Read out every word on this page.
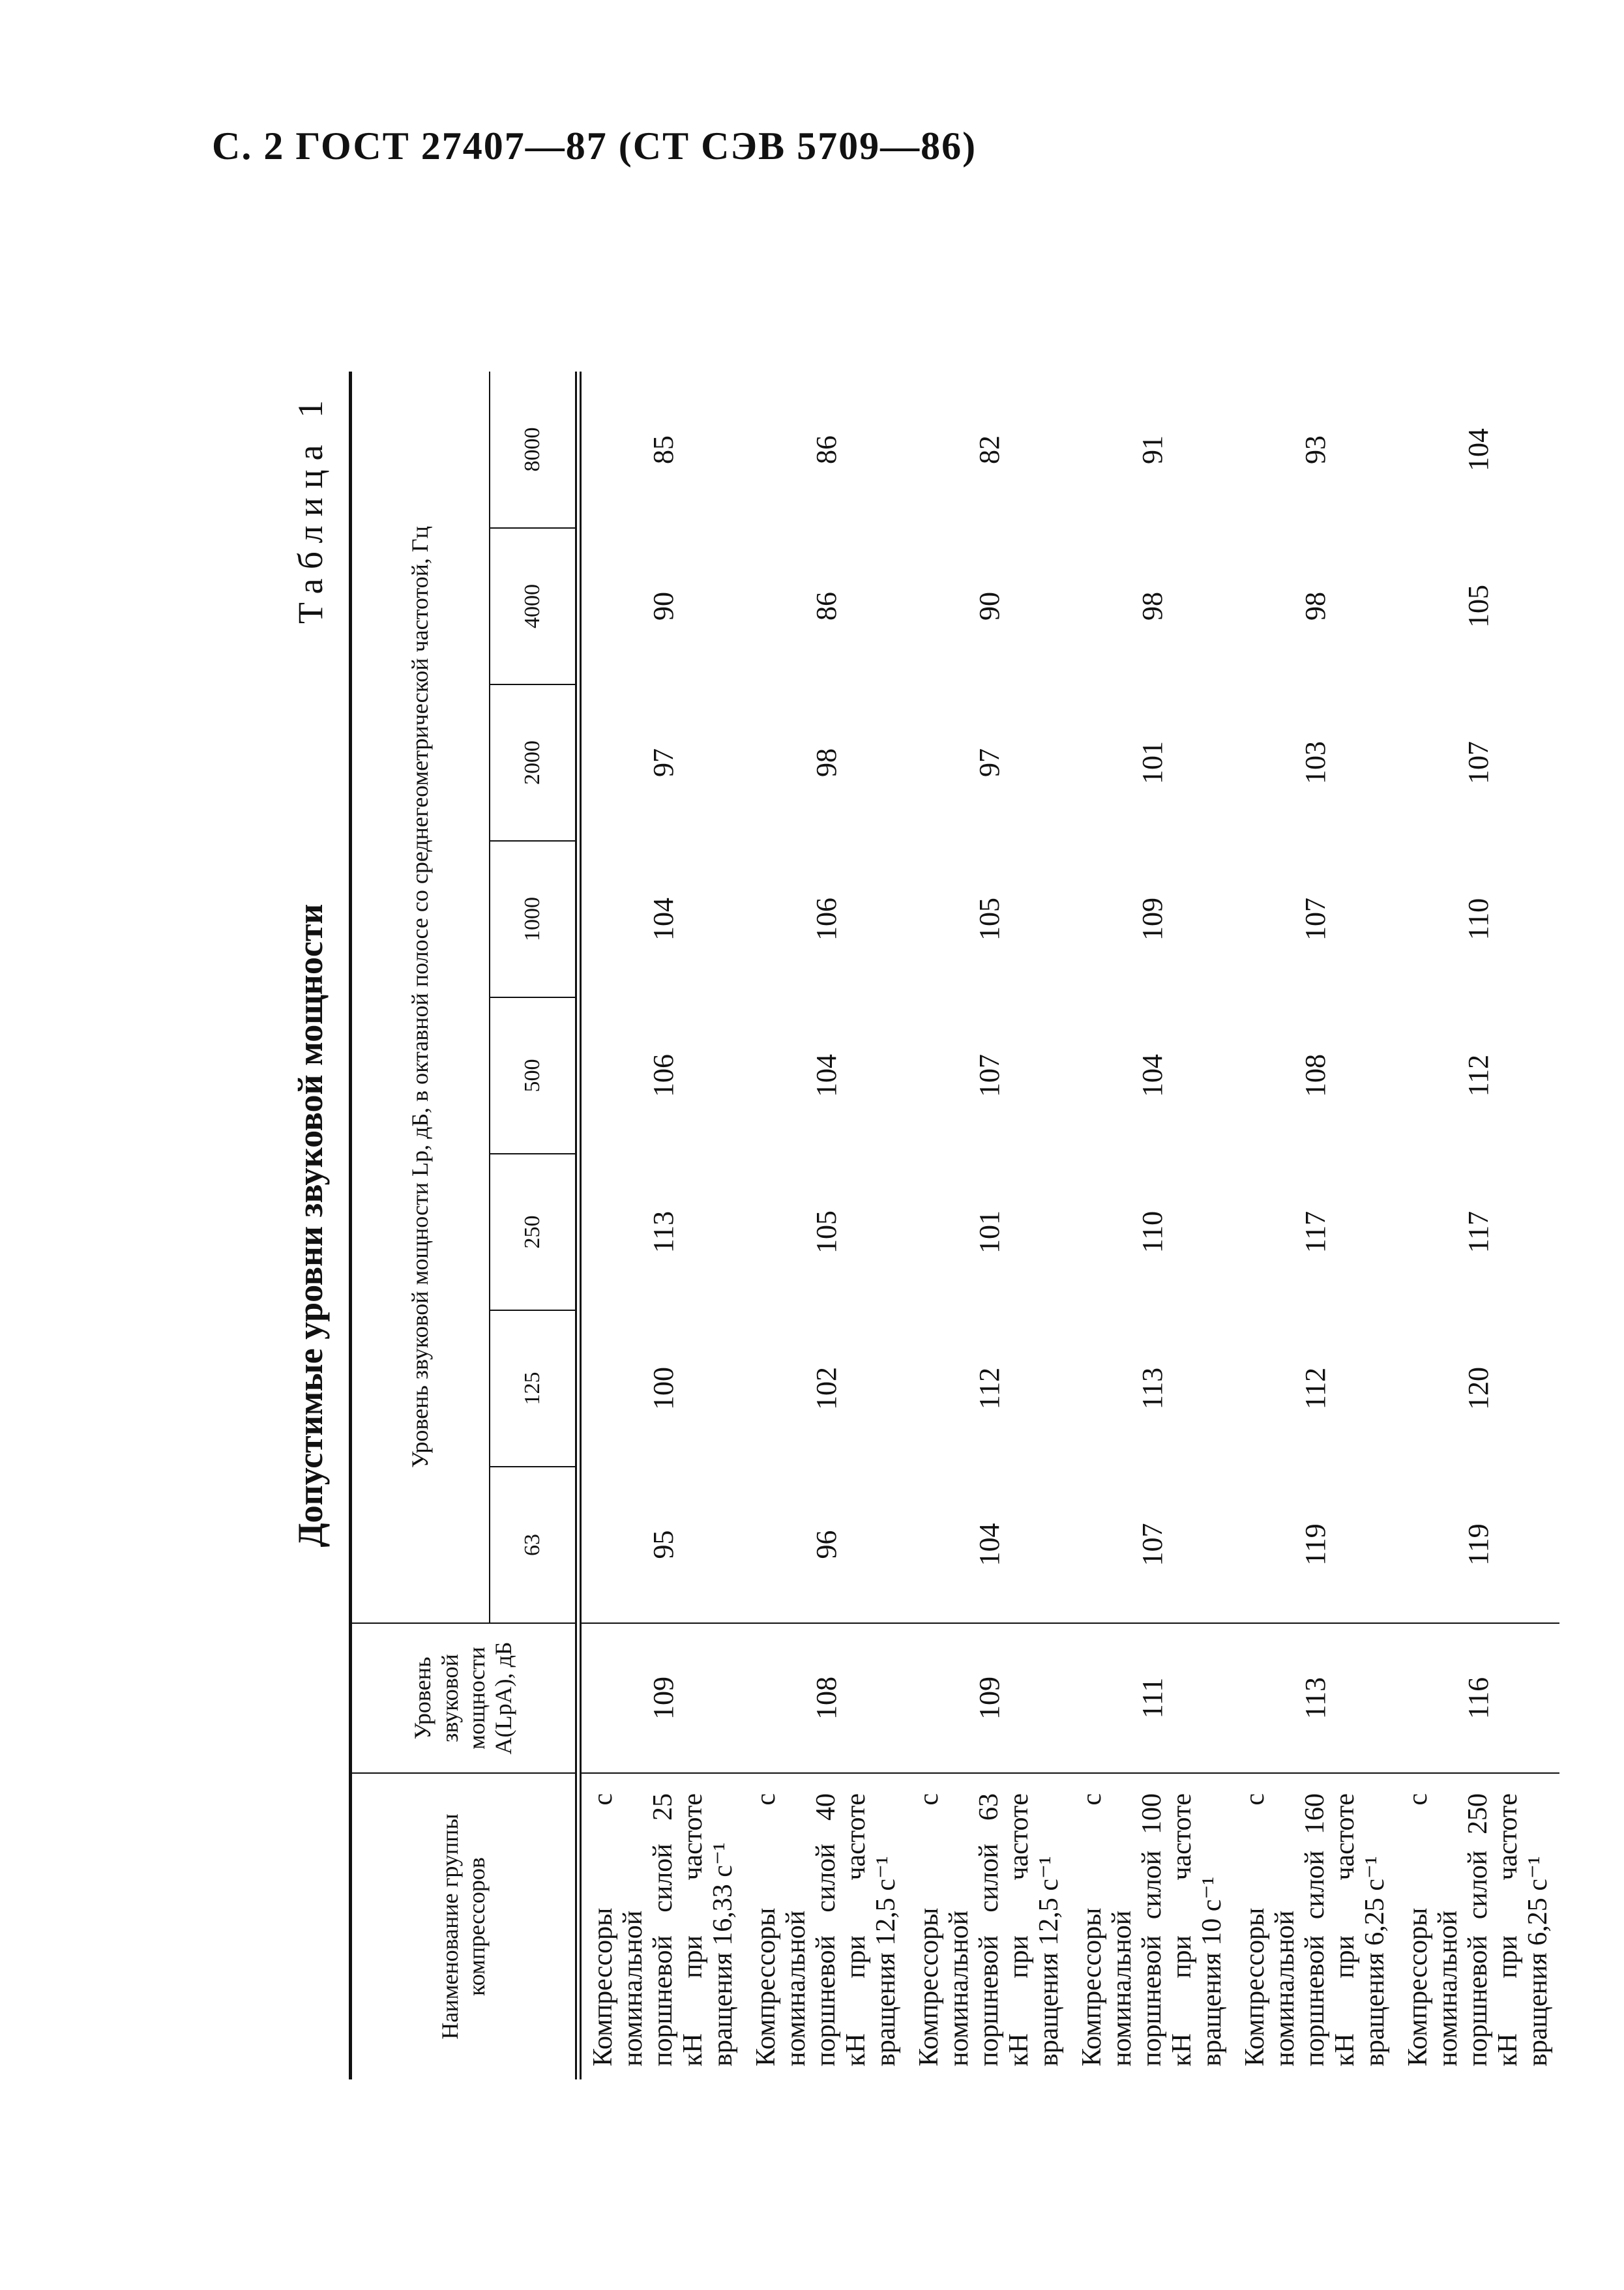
С. 2 ГОСТ 27407—87 (СТ СЭВ 5709—86)
Таблица 1
Допустимые уровни звуковой мощности
Наименование группы компрессоров	Уровень звуковой мощности A(LpA), дБ	Уровень звуковой мощности Lp, дБ, в октавной полосе со среднегеометрической частотой, Гц							
		63	125	250	500	1000	2000	4000	8000
Компрессоры с номинальной поршневой силой 25 кН при частоте вращения 16,33 с⁻¹	109	95	100	113	106	104	97	90	85
Компрессоры с номинальной поршневой силой 40 кН при частоте вращения 12,5 с⁻¹	108	96	102	105	104	106	98	86	86
Компрессоры с номинальной поршневой силой 63 кН при частоте вращения 12,5 с⁻¹	109	104	112	101	107	105	97	90	82
Компрессоры с номинальной поршневой силой 100 кН при частоте вращения 10 с⁻¹	111	107	113	110	104	109	101	98	91
Компрессоры с номинальной поршневой силой 160 кН при частоте вращения 6,25 с⁻¹	113	119	112	117	108	107	103	98	93
Компрессоры с номинальной поршневой силой 250 кН при частоте вращения 6,25 с⁻¹	116	119	120	117	112	110	107	105	104
